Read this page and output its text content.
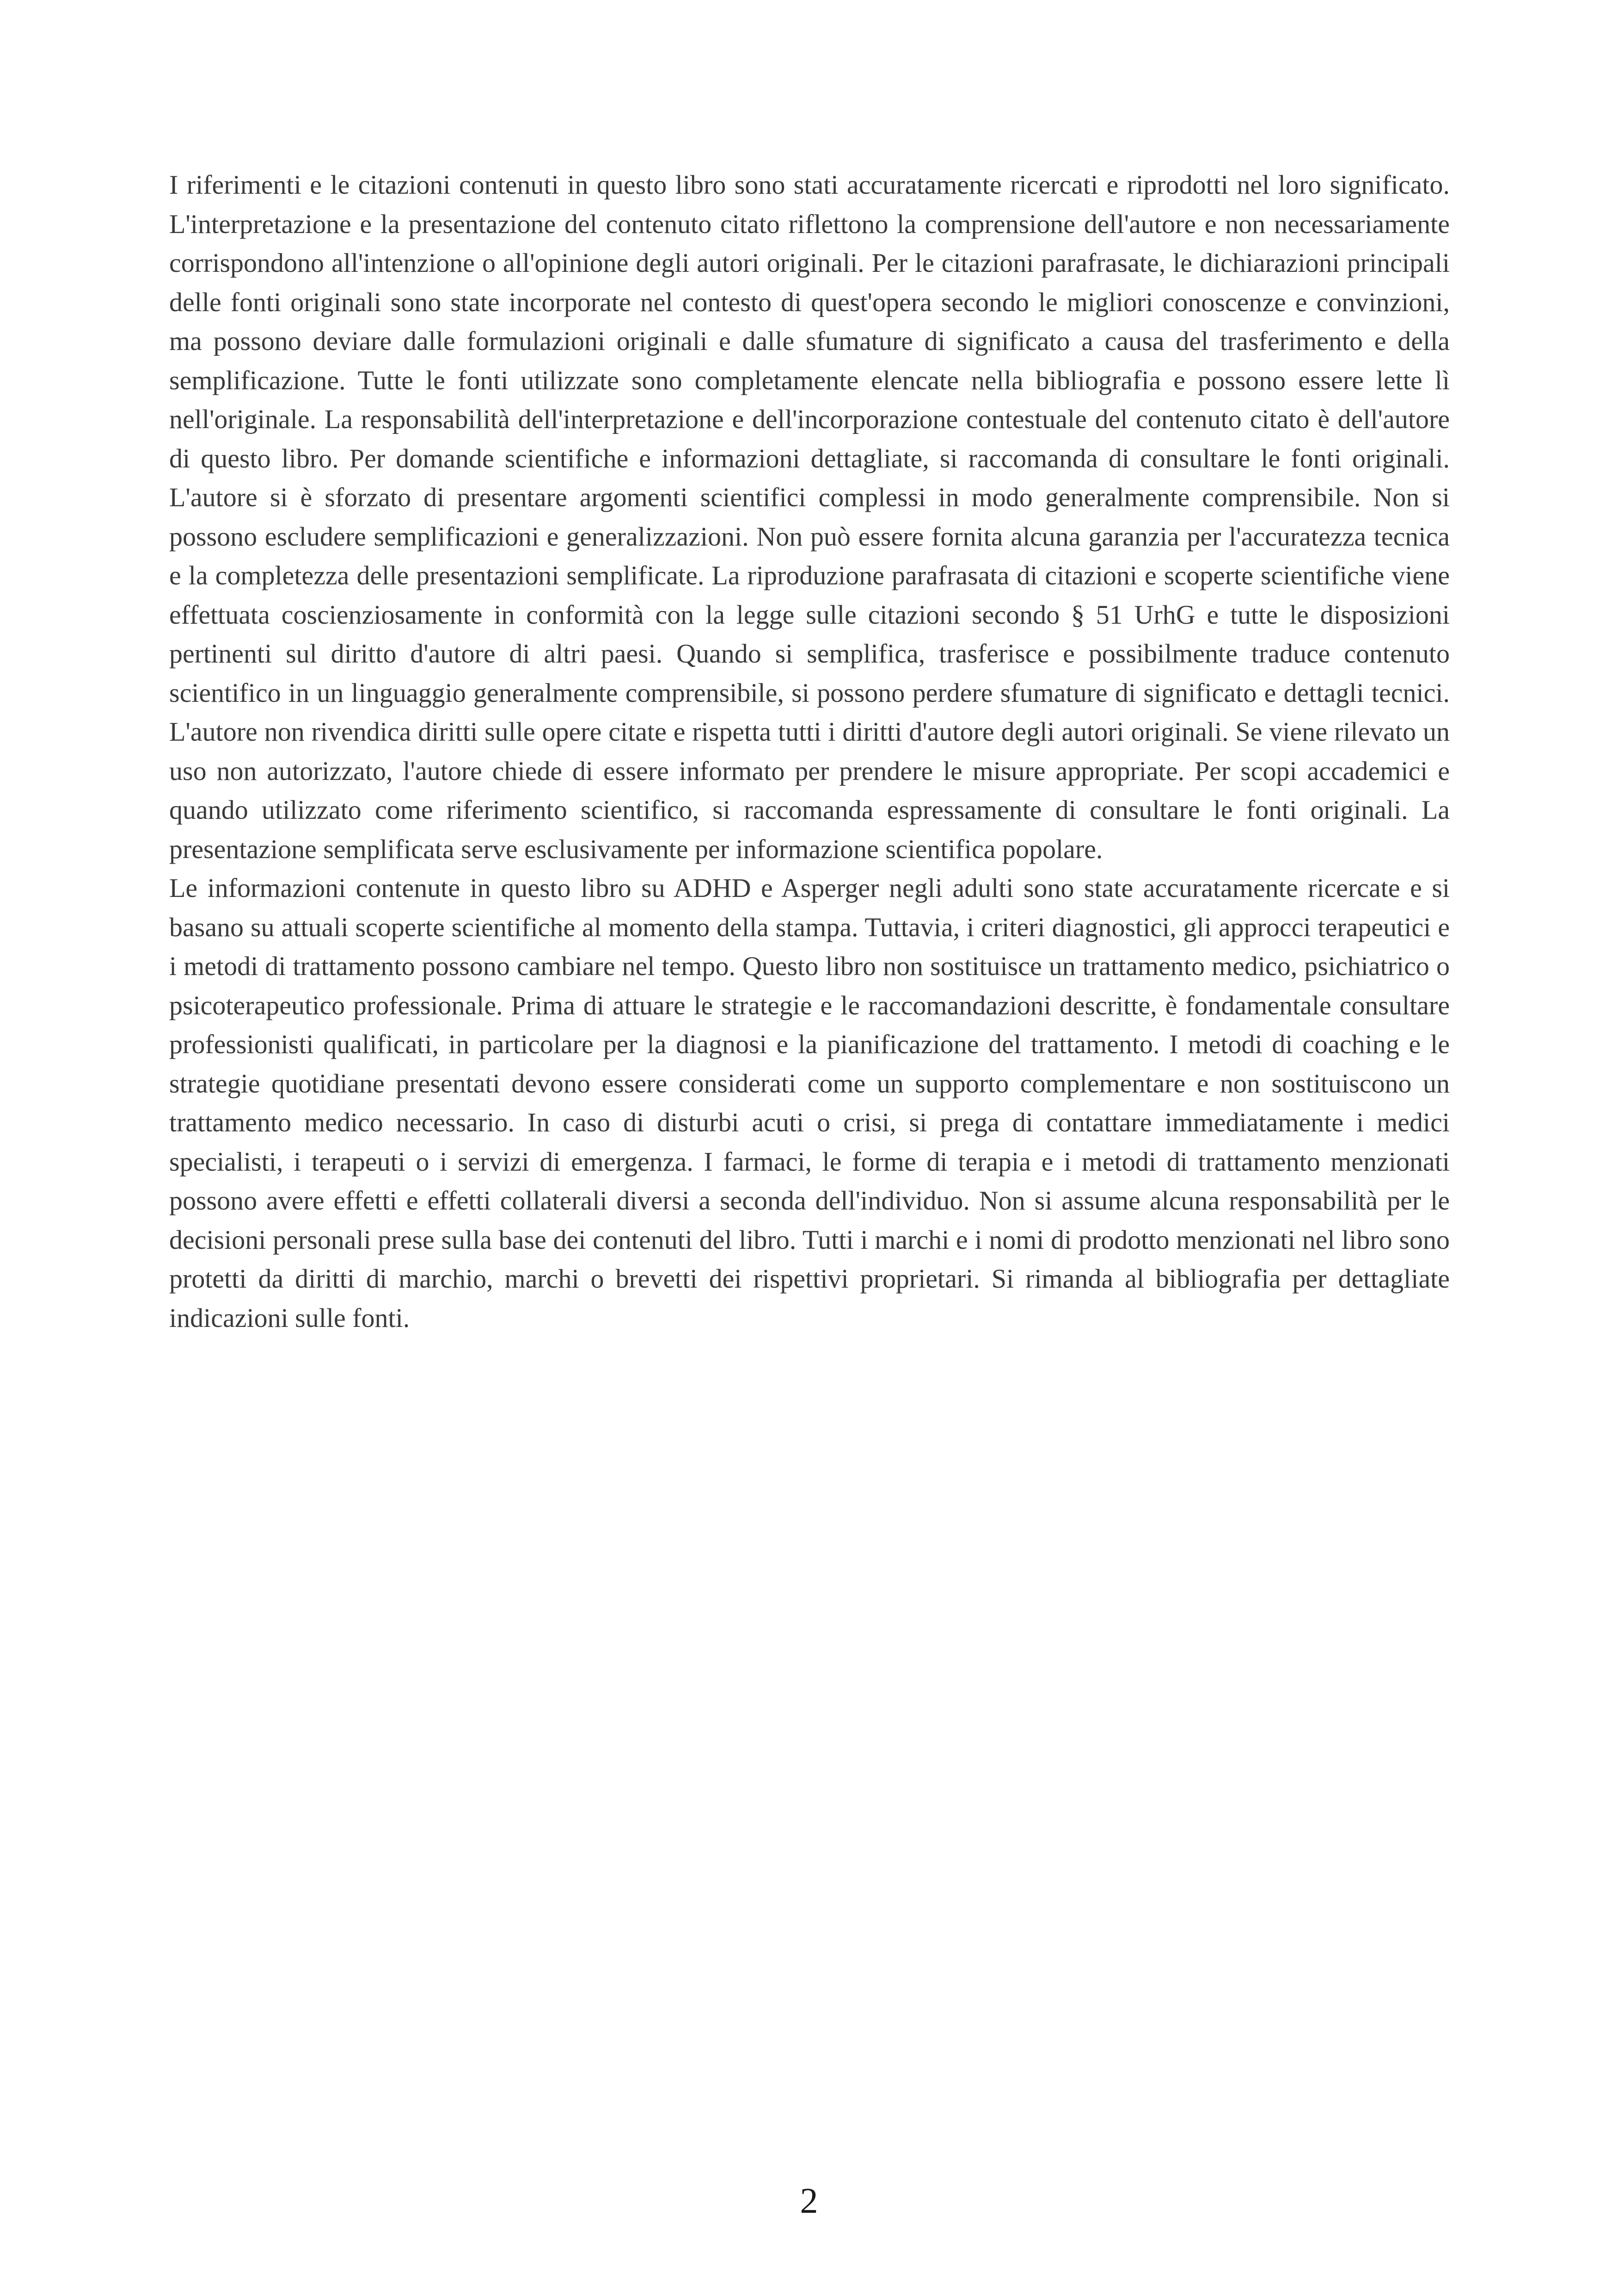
I riferimenti e le citazioni contenuti in questo libro sono stati accuratamente ricercati e riprodotti nel loro significato. L'interpretazione e la presentazione del contenuto citato riflettono la comprensione dell'autore e non necessariamente corrispondono all'intenzione o all'opinione degli autori originali. Per le citazioni parafrasate, le dichiarazioni principali delle fonti originali sono state incorporate nel contesto di quest'opera secondo le migliori conoscenze e convinzioni, ma possono deviare dalle formulazioni originali e dalle sfumature di significato a causa del trasferimento e della semplificazione. Tutte le fonti utilizzate sono completamente elencate nella bibliografia e possono essere lette lì nell'originale. La responsabilità dell'interpretazione e dell'incorporazione contestuale del contenuto citato è dell'autore di questo libro. Per domande scientifiche e informazioni dettagliate, si raccomanda di consultare le fonti originali. L'autore si è sforzato di presentare argomenti scientifici complessi in modo generalmente comprensibile. Non si possono escludere semplificazioni e generalizzazioni. Non può essere fornita alcuna garanzia per l'accuratezza tecnica e la completezza delle presentazioni semplificate. La riproduzione parafrasata di citazioni e scoperte scientifiche viene effettuata coscienziosamente in conformità con la legge sulle citazioni secondo § 51 UrhG e tutte le disposizioni pertinenti sul diritto d'autore di altri paesi. Quando si semplifica, trasferisce e possibilmente traduce contenuto scientifico in un linguaggio generalmente comprensibile, si possono perdere sfumature di significato e dettagli tecnici. L'autore non rivendica diritti sulle opere citate e rispetta tutti i diritti d'autore degli autori originali. Se viene rilevato un uso non autorizzato, l'autore chiede di essere informato per prendere le misure appropriate. Per scopi accademici e quando utilizzato come riferimento scientifico, si raccomanda espressamente di consultare le fonti originali. La presentazione semplificata serve esclusivamente per informazione scientifica popolare.

Le informazioni contenute in questo libro su ADHD e Asperger negli adulti sono state accuratamente ricercate e si basano su attuali scoperte scientifiche al momento della stampa. Tuttavia, i criteri diagnostici, gli approcci terapeutici e i metodi di trattamento possono cambiare nel tempo. Questo libro non sostituisce un trattamento medico, psichiatrico o psicoterapeutico professionale. Prima di attuare le strategie e le raccomandazioni descritte, è fondamentale consultare professionisti qualificati, in particolare per la diagnosi e la pianificazione del trattamento. I metodi di coaching e le strategie quotidiane presentati devono essere considerati come un supporto complementare e non sostituiscono un trattamento medico necessario. In caso di disturbi acuti o crisi, si prega di contattare immediatamente i medici specialisti, i terapeuti o i servizi di emergenza. I farmaci, le forme di terapia e i metodi di trattamento menzionati possono avere effetti e effetti collaterali diversi a seconda dell'individuo. Non si assume alcuna responsabilità per le decisioni personali prese sulla base dei contenuti del libro. Tutti i marchi e i nomi di prodotto menzionati nel libro sono protetti da diritti di marchio, marchi o brevetti dei rispettivi proprietari. Si rimanda al bibliografia per dettagliate indicazioni sulle fonti.

2
